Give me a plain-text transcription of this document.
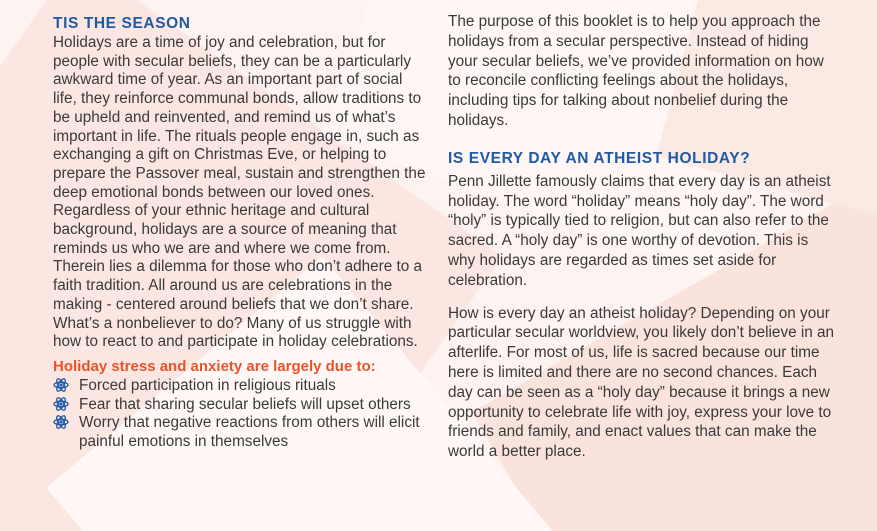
TIS THE SEASON

Holidays are a time of joy and celebration, but for people with secular beliefs, they can be a particularly awkward time of year. As an important part of social life, they reinforce communal bonds, allow traditions to be upheld and reinvented, and remind us of what’s important in life. The rituals people engage in, such as exchanging a gift on Christmas Eve, or helping to prepare the Passover meal, sustain and strengthen the deep emotional bonds between our loved ones. Regardless of your ethnic heritage and cultural background, holidays are a source of meaning that reminds us who we are and where we come from. Therein lies a dilemma for those who don’t adhere to a faith tradition. All around us are celebrations in the making - centered around beliefs that we don’t share. What’s a nonbeliever to do? Many of us struggle with how to react to and participate in holiday celebrations.

Holiday stress and anxiety are largely due to:
Forced participation in religious rituals
Fear that sharing secular beliefs will upset others
Worry that negative reactions from others will elicit painful emotions in themselves

The purpose of this booklet is to help you approach the holidays from a secular perspective. Instead of hiding your secular beliefs, we’ve provided information on how to reconcile conflicting feelings about the holidays, including tips for talking about nonbelief during the holidays.

IS EVERY DAY AN ATHEIST HOLIDAY?

Penn Jillette famously claims that every day is an atheist holiday. The word “holiday” means “holy day”. The word “holy” is typically tied to religion, but can also refer to the sacred. A “holy day” is one worthy of devotion. This is why holidays are regarded as times set aside for celebration.

How is every day an atheist holiday? Depending on your particular secular worldview, you likely don’t believe in an afterlife. For most of us, life is sacred because our time here is limited and there are no second chances. Each day can be seen as a “holy day” because it brings a new opportunity to celebrate life with joy, express your love to friends and family, and enact values that can make the world a better place.
